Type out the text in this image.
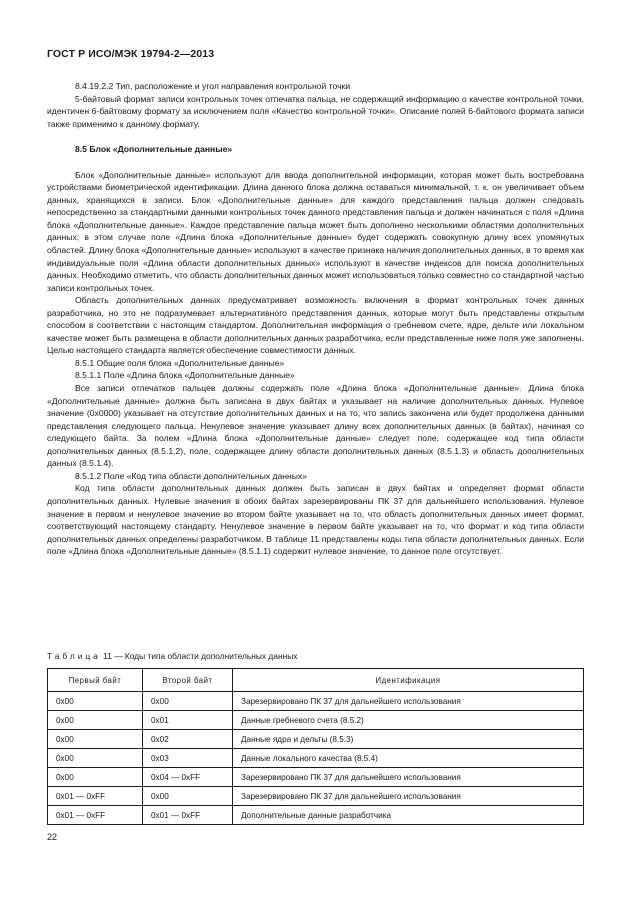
ГОСТ Р ИСО/МЭК 19794-2—2013

8.4.19.2.2 Тип, расположение и угол направления контрольной точки

5-байтовый формат записи контрольных точек отпечатка пальца, не содержащий информацию о качестве контрольной точки, идентичен 6-байтовому формату за исключением поля «Качество контрольной точки». Описание полей 6-байтового формата записи также применимо к данному формату.

8.5 Блок «Дополнительные данные»

Блок «Дополнительные данные» используют для ввода дополнительной информации, которая может быть востребована устройствами биометрической идентификации. Длина данного блока должна оставаться минимальной, т. к. он увеличивает объем данных, хранящихся в записи. Блок «Дополнительные данные» для каждого представления пальца должен следовать непосредственно за стандартными данными контрольных точек данного представления пальца и должен начинаться с поля «Длина блока «Дополнительные данные». Каждое представление пальца может быть дополнено несколькими областями дополнительных данных; в этом случае поле «Длина блока «Дополнительные данные» будет содержать совокупную длину всех упомянутых областей. Длину блока «Дополнительные данные» используют в качестве признака наличия дополнительных данных, в то время как индивидуальные поля «Длина области дополнительных данных» используют в качестве индексов для поиска дополнительных данных. Необходимо отметить, что область дополнительных данных может использоваться только совместно со стандартной частью записи контрольных точек.

Область дополнительных данных предусматривает возможность включения в формат контрольных точек данных разработчика, но это не подразумевает альтернативного представления данных, которые могут быть представлены открытым способом в соответствии с настоящим стандартом. Дополнительная информация о гребневом счете, ядре, дельте или локальном качестве может быть размещена в области дополнительных данных разработчика, если представленные ниже поля уже заполнены. Целью настоящего стандарта является обеспечение совместимости данных.

8.5.1 Общие поля блока «Дополнительные данные»

8.5.1.1 Поле «Длина блока «Дополнительные данные»

Все записи отпечатков пальцев должны содержать поле «Длина блока «Дополнительные данные». Длина блока «Дополнительные данные» должна быть записана в двух байтах и указывает на наличие дополнительных данных. Нулевое значение (0x0000) указывает на отсутствие дополнительных данных и на то, что запись закончена или будет продолжена данными представления следующего пальца. Ненулевое значение указывает длину всех дополнительных данных (в байтах), начиная со следующего байта. За полем «Длина блока «Дополнительные данные» следует поле, содержащее код типа области дополнительных данных (8.5.1.2), поле, содержащее длину области дополнительных данных (8.5.1.3) и область дополнительных данных (8.5.1.4).

8.5.1.2 Поле «Код типа области дополнительных данных»

Код типа области дополнительных данных должен быть записан в двух байтах и определяет формат области дополнительных данных. Нулевые значения в обоих байтах зарезервированы ПК 37 для дальнейшего использования. Нулевое значение в первом и ненулевое значение во втором байте указывает на то, что область дополнительных данных имеет формат, соответствующий настоящему стандарту. Ненулевое значение в первом байте указывает на то, что формат и код типа области дополнительных данных определены разработчиком. В таблице 11 представлены коды типа области дополнительных данных. Если поле «Длина блока «Дополнительные данные» (8.5.1.1) содержит нулевое значение, то данное поле отсутствует.

Таблица 11 — Коды типа области дополнительных данных
Первый байт	Второй байт	Идентификация
0x00	0x00	Зарезервировано ПК 37 для дальнейшего использования
0x00	0x01	Данные гребневого счета (8.5.2)
0x00	0x02	Данные ядра и дельты (8.5.3)
0x00	0x03	Данные локального качества (8.5.4)
0x00	0x04 — 0xFF	Зарезервировано ПК 37 для дальнейшего использования
0x01 — 0xFF	0x00	Зарезервировано ПК 37 для дальнейшего использования
0x01 — 0xFF	0x01 — 0xFF	Дополнительные данные разработчика
22
